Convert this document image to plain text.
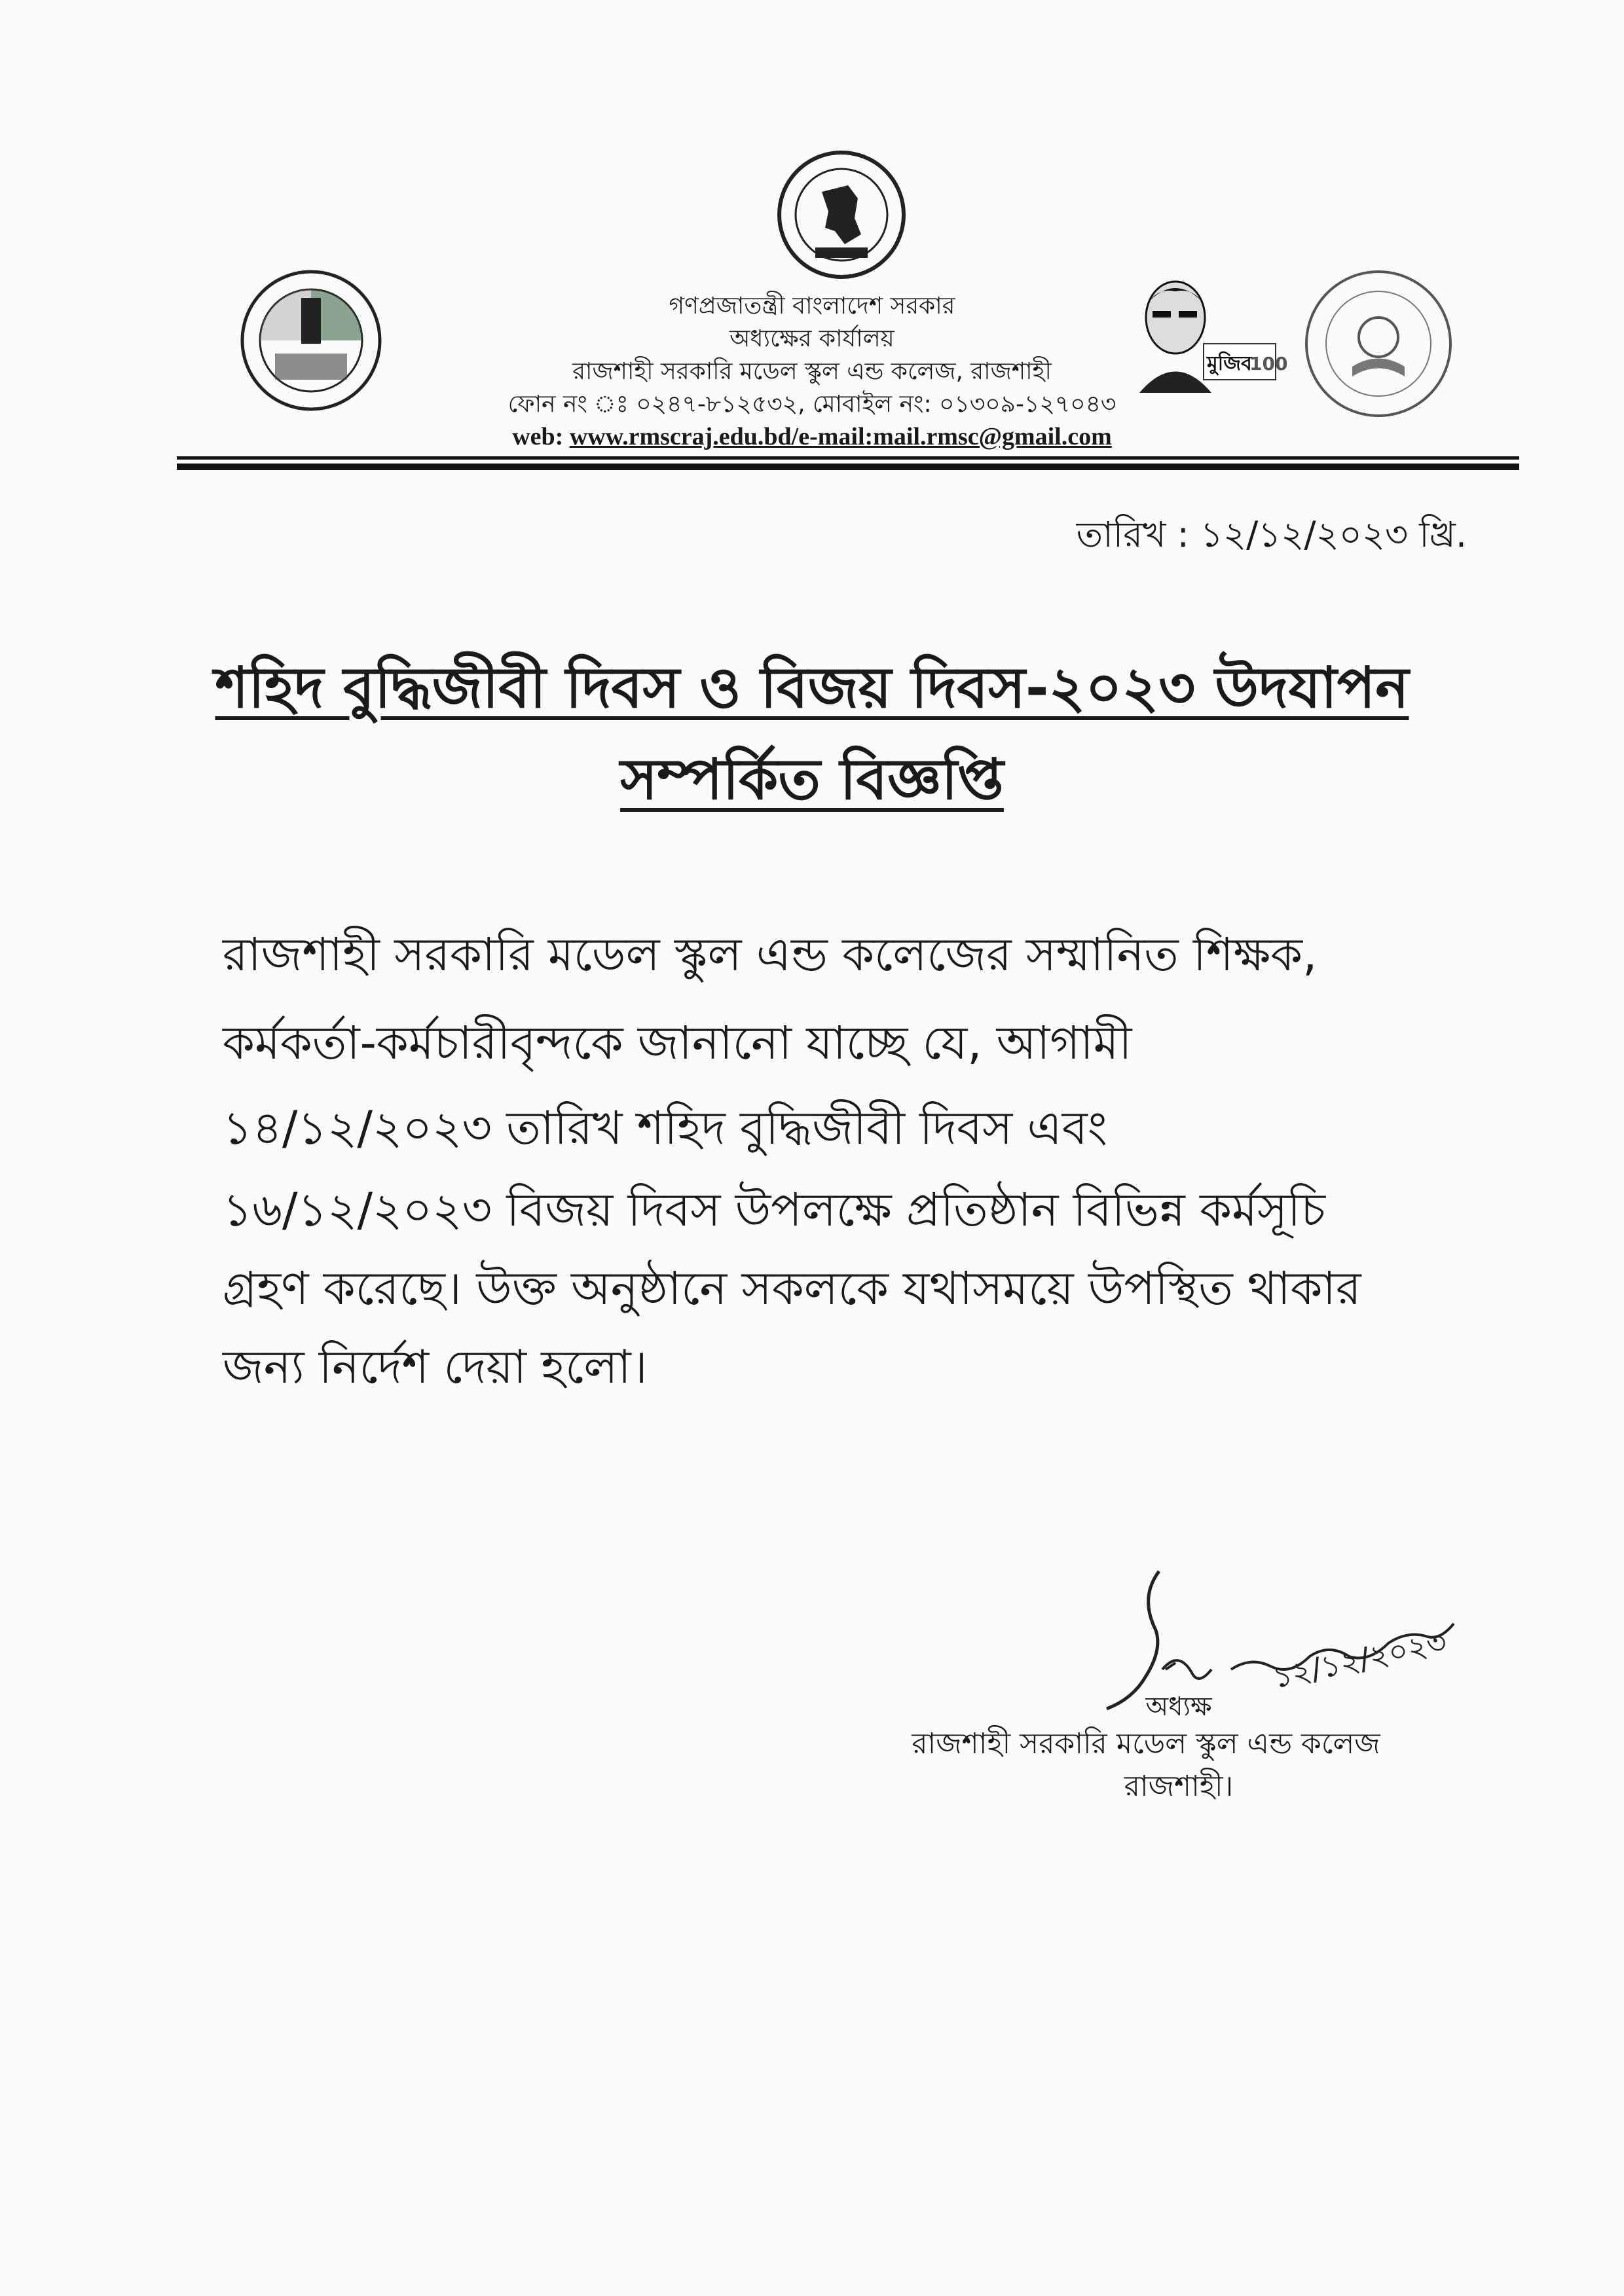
গণপ্রজাতন্ত্রী বাংলাদেশ সরকার
অধ্যক্ষের কার্যালয়
রাজশাহী সরকারি মডেল স্কুল এন্ড কলেজ, রাজশাহী
ফোন নং ঃ ০২৪৭-৮১২৫৩২, মোবাইল নং: ০১৩০৯-১২৭০৪৩
web: www.rmscraj.edu.bd/e-mail:mail.rmsc@gmail.com
মুজিব
100
তারিখ : ১২/১২/২০২৩ খ্রি.
শহিদ বুদ্ধিজীবী দিবস ও বিজয় দিবস-২০২৩ উদযাপন
সম্পর্কিত বিজ্ঞপ্তি
রাজশাহী সরকারি মডেল স্কুল এন্ড কলেজের সম্মানিত শিক্ষক,
কর্মকর্তা-কর্মচারীবৃন্দকে জানানো যাচ্ছে যে, আগামী
১৪/১২/২০২৩ তারিখ শহিদ বুদ্ধিজীবী দিবস এবং
১৬/১২/২০২৩ বিজয় দিবস উপলক্ষে প্রতিষ্ঠান বিভিন্ন কর্মসূচি
গ্রহণ করেছে। উক্ত অনুষ্ঠানে সকলকে যথাসময়ে উপস্থিত থাকার
জন্য নির্দেশ দেয়া হলো।
১২/১২/২০২৩
অধ্যক্ষ
রাজশাহী সরকারি মডেল স্কুল এন্ড কলেজ
রাজশাহী।
